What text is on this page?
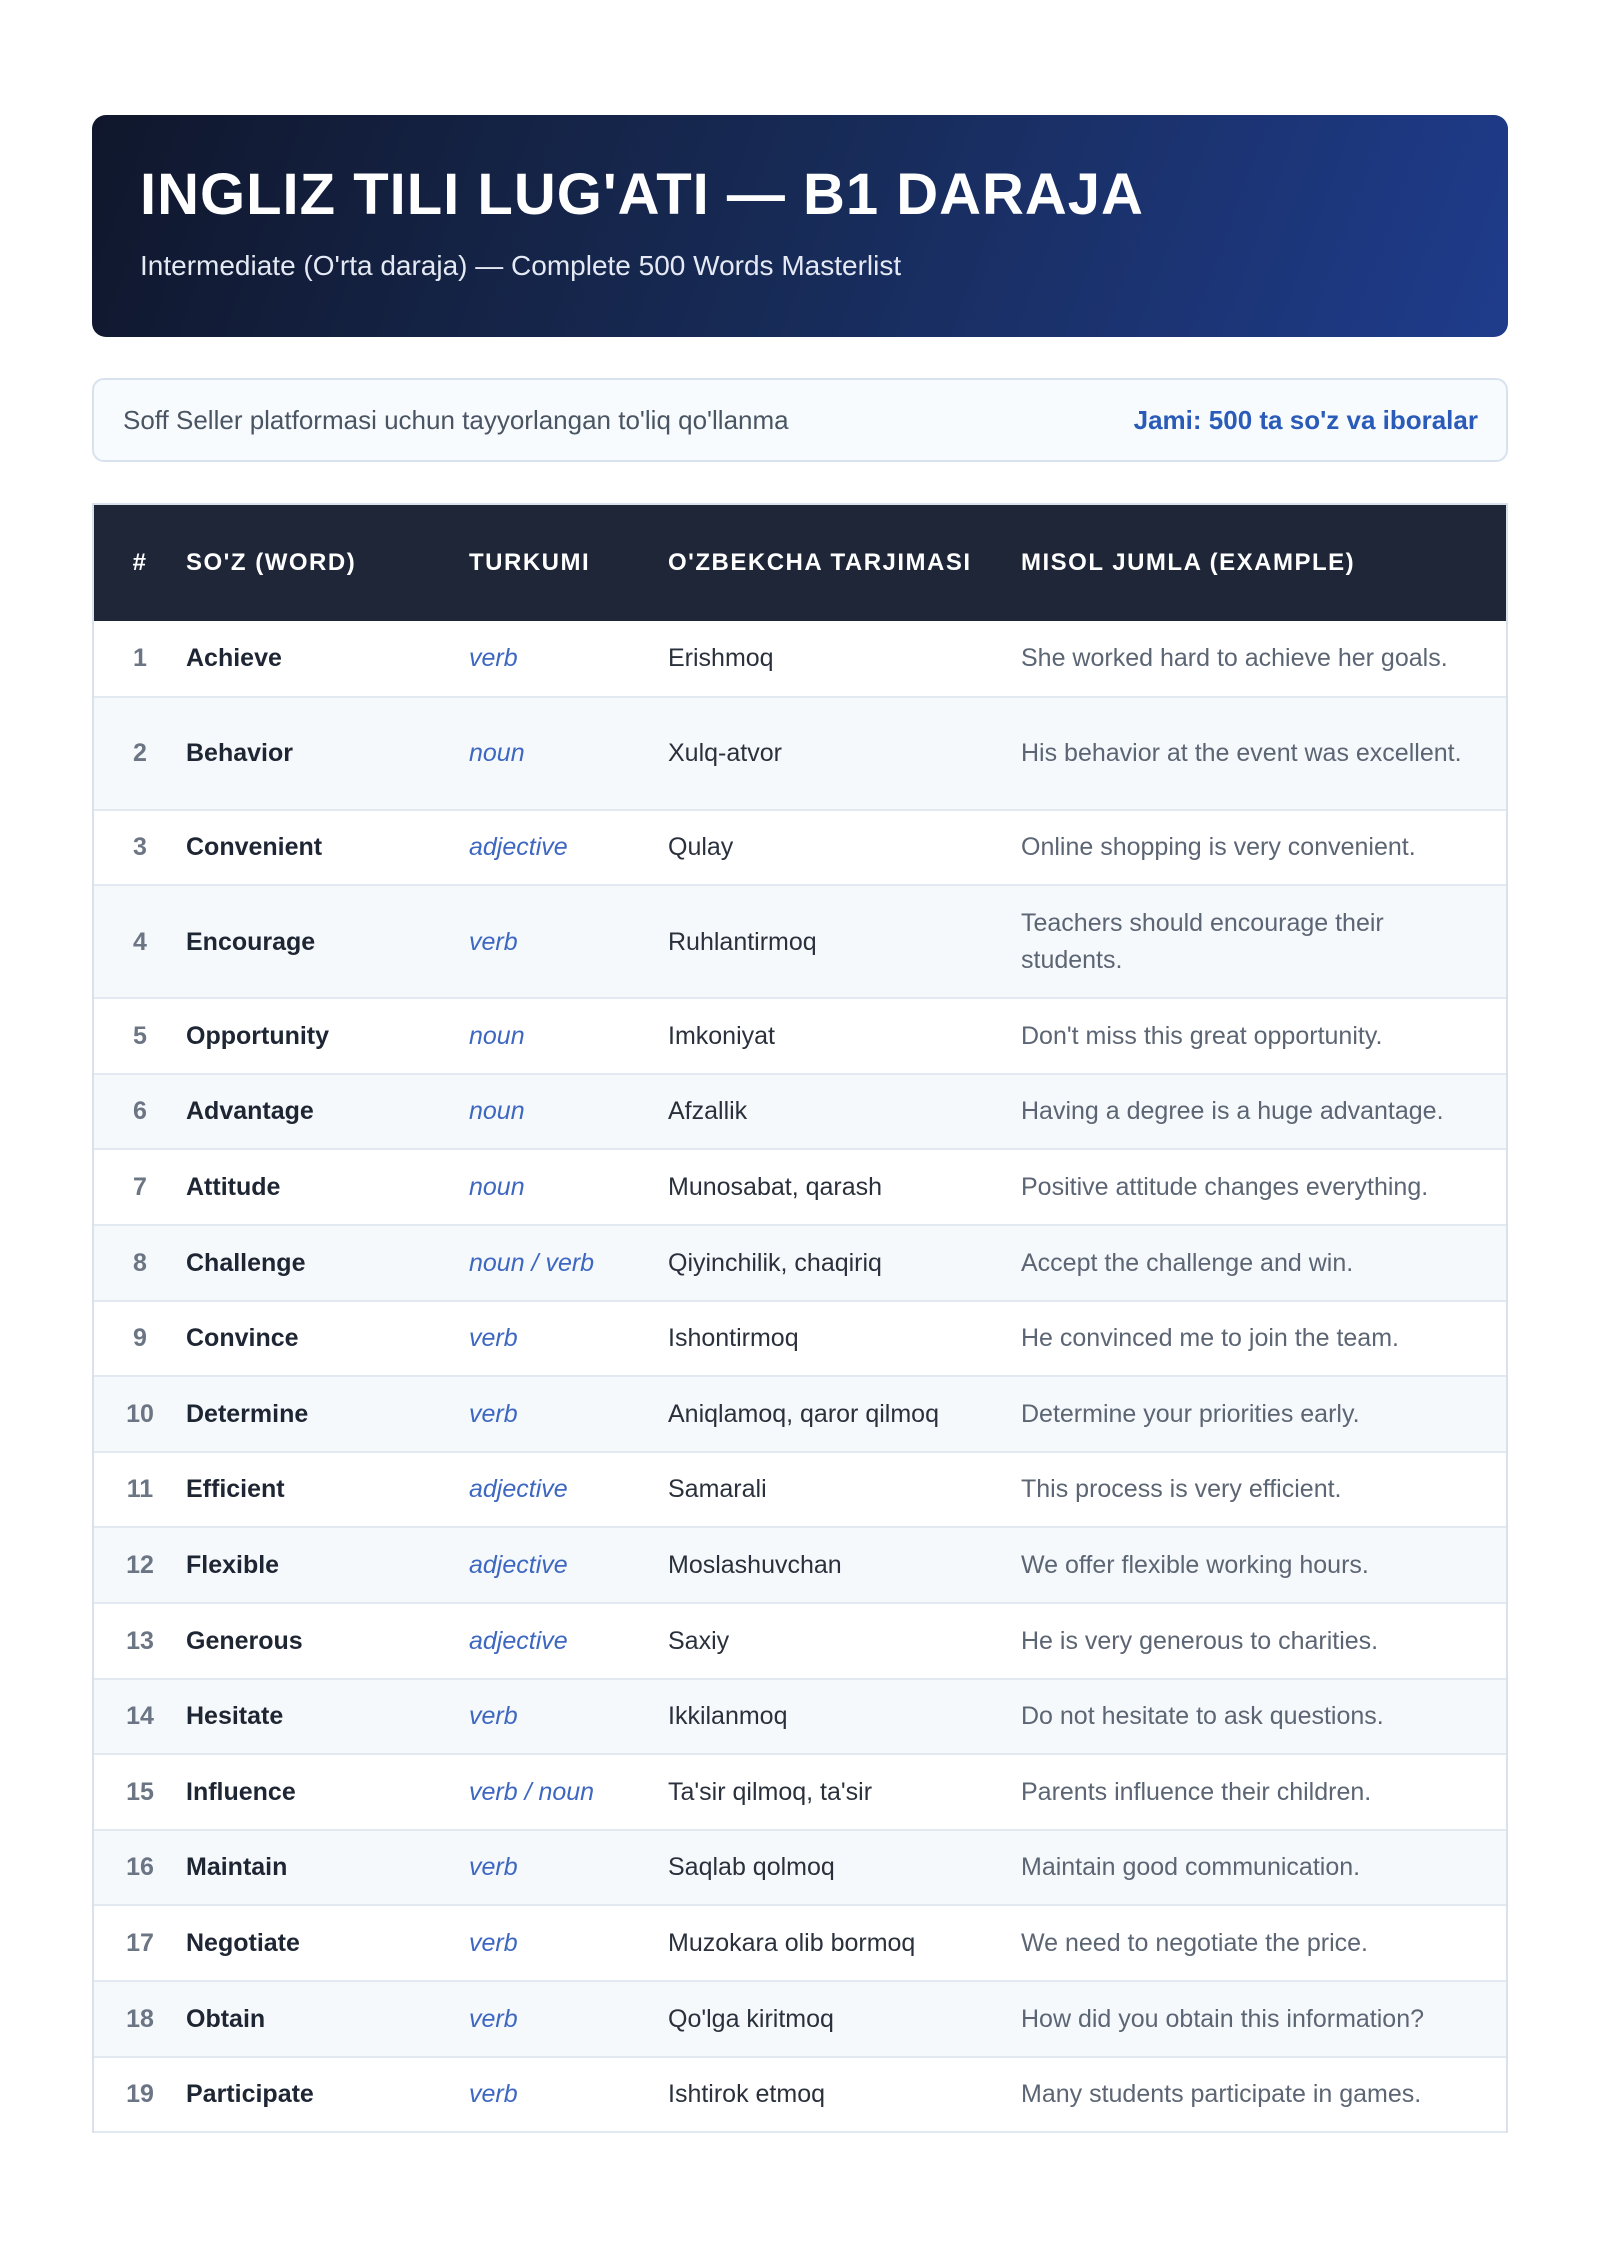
INGLIZ TILI LUG'ATI — B1 DARAJA

Intermediate (O'rta daraja) — Complete 500 Words Masterlist

Soff Seller platformasi uchun tayyorlangan to'liq qo'llanma	Jami: 500 ta so'z va iboralar
#	SO'Z (WORD)	TURKUMI	O'ZBEKCHA TARJIMASI	MISOL JUMLA (EXAMPLE)
1	Achieve	verb	Erishmoq	She worked hard to achieve her goals.
2	Behavior	noun	Xulq-atvor	His behavior at the event was excellent.
3	Convenient	adjective	Qulay	Online shopping is very convenient.
4	Encourage	verb	Ruhlantirmoq	Teachers should encourage their students.
5	Opportunity	noun	Imkoniyat	Don't miss this great opportunity.
6	Advantage	noun	Afzallik	Having a degree is a huge advantage.
7	Attitude	noun	Munosabat, qarash	Positive attitude changes everything.
8	Challenge	noun / verb	Qiyinchilik, chaqiriq	Accept the challenge and win.
9	Convince	verb	Ishontirmoq	He convinced me to join the team.
10	Determine	verb	Aniqlamoq, qaror qilmoq	Determine your priorities early.
11	Efficient	adjective	Samarali	This process is very efficient.
12	Flexible	adjective	Moslashuvchan	We offer flexible working hours.
13	Generous	adjective	Saxiy	He is very generous to charities.
14	Hesitate	verb	Ikkilanmoq	Do not hesitate to ask questions.
15	Influence	verb / noun	Ta'sir qilmoq, ta'sir	Parents influence their children.
16	Maintain	verb	Saqlab qolmoq	Maintain good communication.
17	Negotiate	verb	Muzokara olib bormoq	We need to negotiate the price.
18	Obtain	verb	Qo'lga kiritmoq	How did you obtain this information?
19	Participate	verb	Ishtirok etmoq	Many students participate in games.
